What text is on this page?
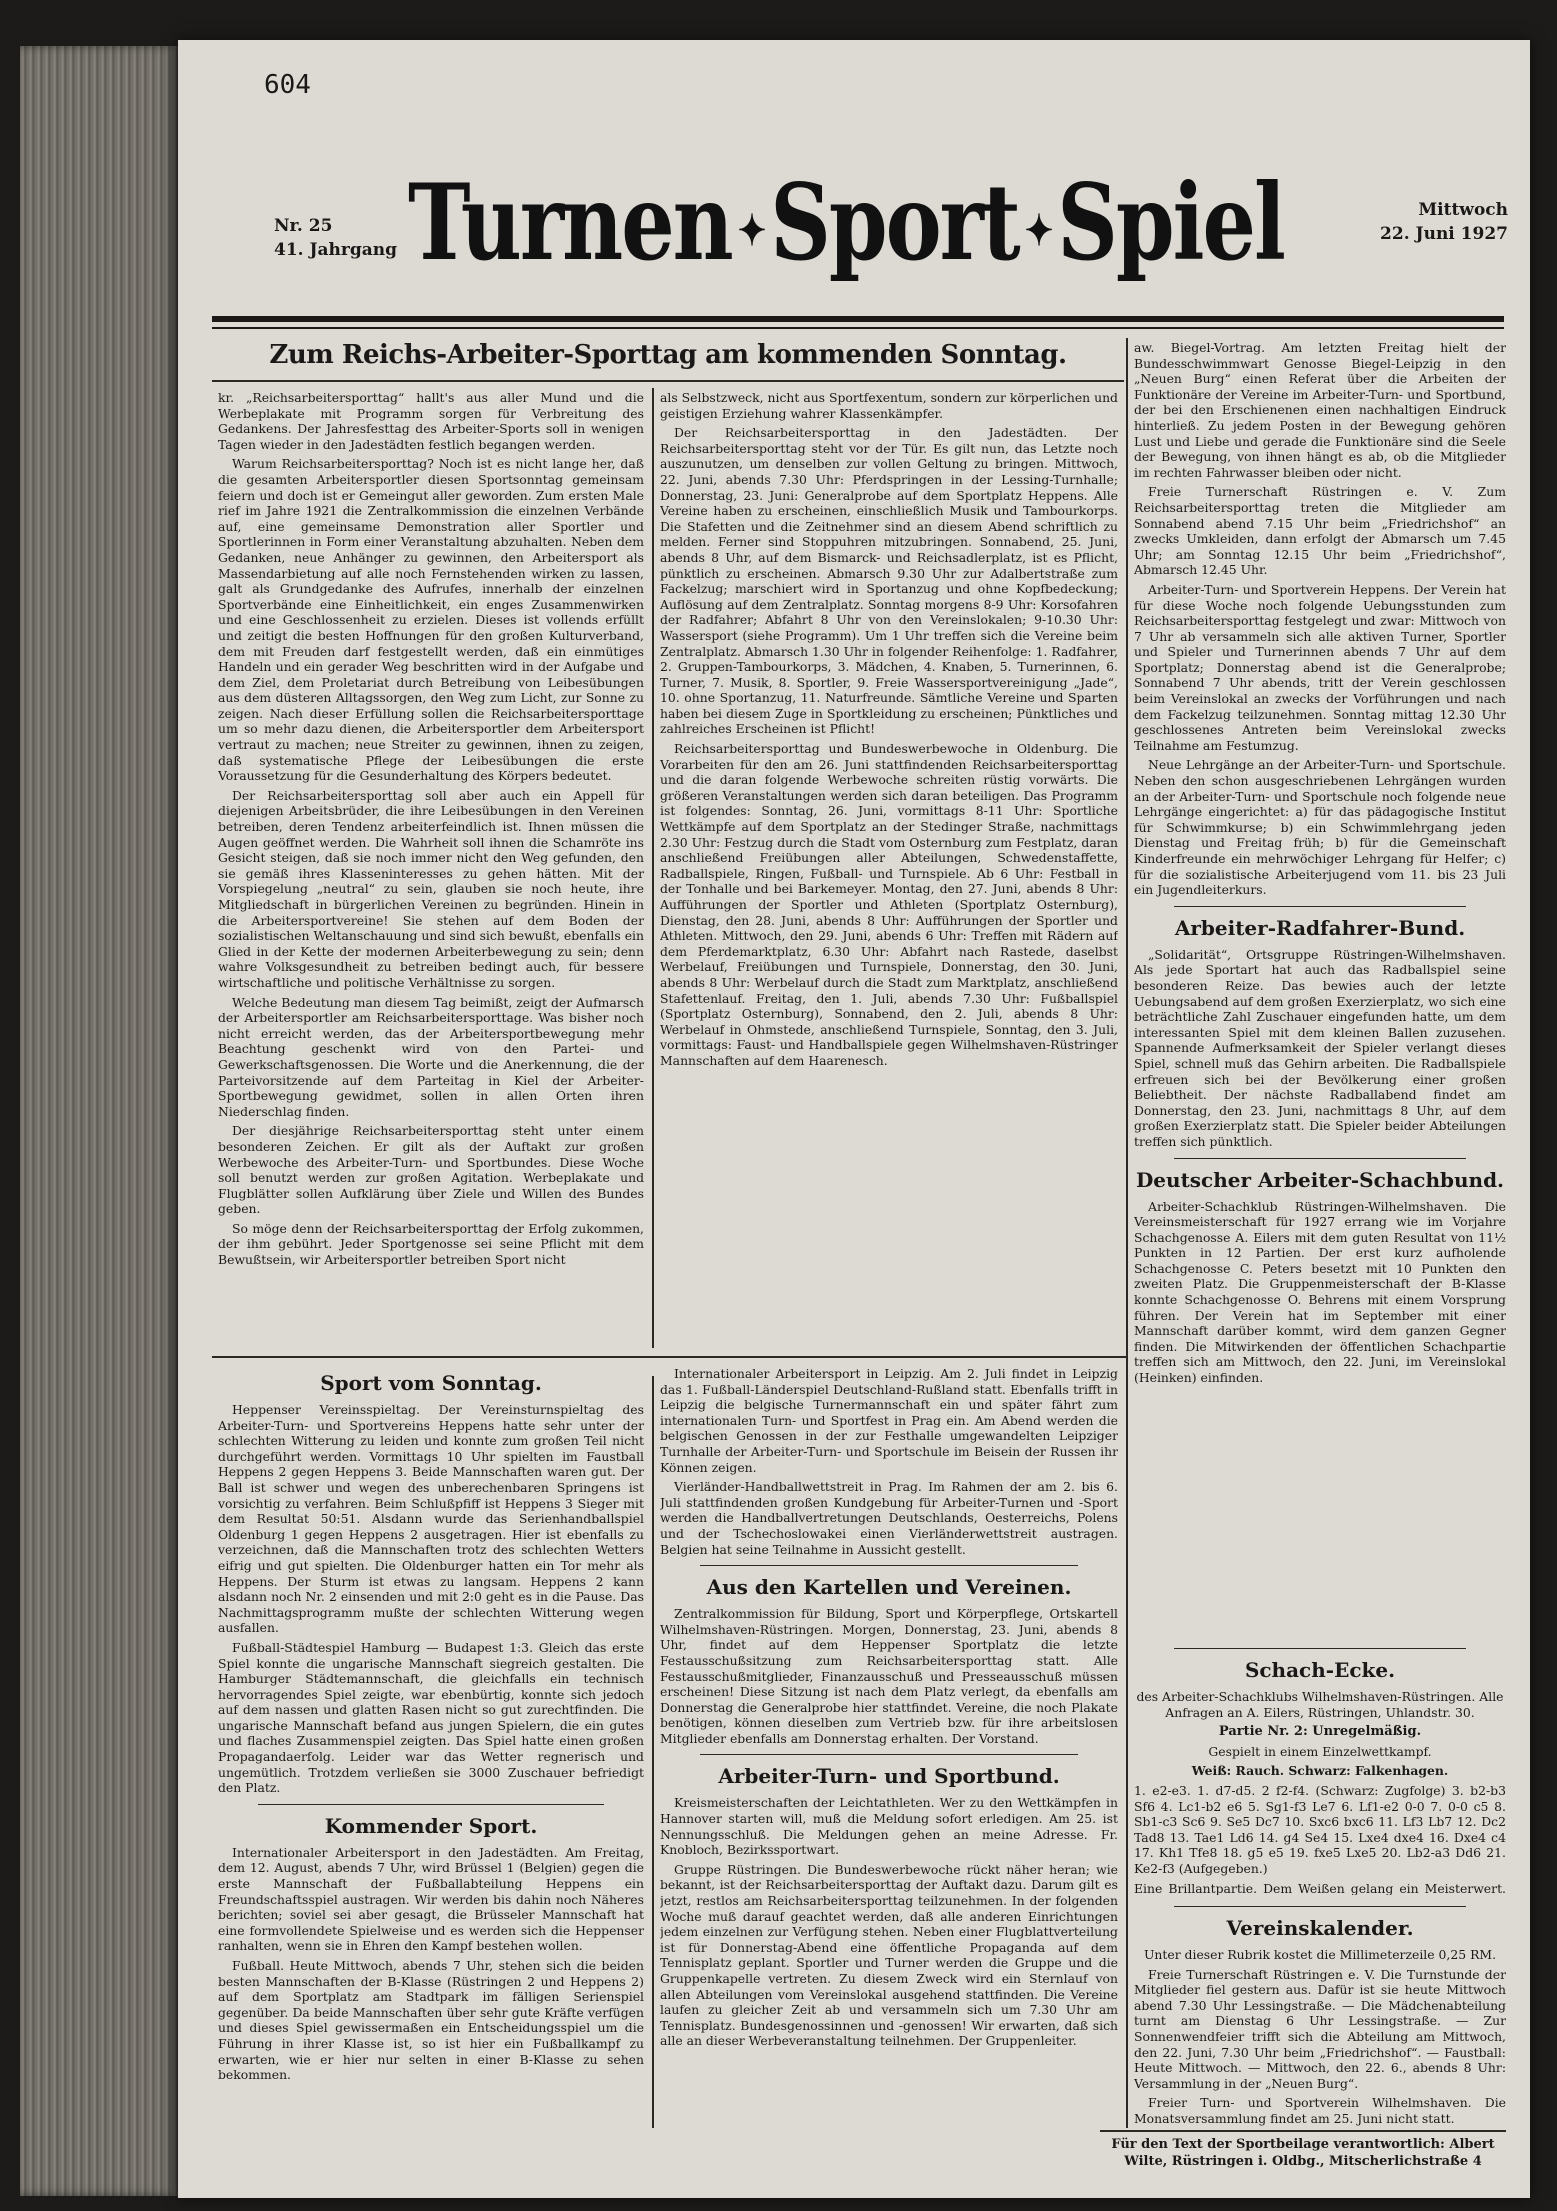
604
Nr. 25
41. Jahrgang Turnen ✦Sport ✦Spiel	Mittwoch
22. Juni 1927
Zum Reichs-Arbeiter-Sporttag am kommenden Sonntag.

kr. „Reichsarbeitersporttag“ hallt's aus aller Mund und die Werbeplakate mit Programm sorgen für Verbreitung des Gedankens. Der Jahresfesttag des Arbeiter-Sports soll in wenigen Tagen wieder in den Jadestädten festlich begangen werden.

Warum Reichsarbeitersporttag? Noch ist es nicht lange her, daß die gesamten Arbeitersportler diesen Sportsonntag gemeinsam feiern und doch ist er Gemeingut aller geworden. Zum ersten Male rief im Jahre 1921 die Zentralkommission die einzelnen Verbände auf, eine gemeinsame Demonstration aller Sportler und Sportlerinnen in Form einer Veranstaltung abzuhalten. Neben dem Gedanken, neue Anhänger zu gewinnen, den Arbeitersport als Massendarbietung auf alle noch Fernstehenden wirken zu lassen, galt als Grundgedanke des Aufrufes, innerhalb der einzelnen Sportverbände eine Einheitlichkeit, ein enges Zusammenwirken und eine Geschlossenheit zu erzielen. Dieses ist vollends erfüllt und zeitigt die besten Hoffnungen für den großen Kulturverband, dem mit Freuden darf festgestellt werden, daß ein einmütiges Handeln und ein gerader Weg beschritten wird in der Aufgabe und dem Ziel, dem Proletariat durch Betreibung von Leibesübungen aus dem düsteren Alltagssorgen, den Weg zum Licht, zur Sonne zu zeigen. Nach dieser Erfüllung sollen die Reichsarbeitersporttage um so mehr dazu dienen, die Arbeitersportler dem Arbeitersport vertraut zu machen; neue Streiter zu gewinnen, ihnen zu zeigen, daß systematische Pflege der Leibesübungen die erste Voraussetzung für die Gesunderhaltung des Körpers bedeutet.

Der Reichsarbeitersporttag soll aber auch ein Appell für diejenigen Arbeitsbrüder, die ihre Leibesübungen in den Vereinen betreiben, deren Tendenz arbeiterfeindlich ist. Ihnen müssen die Augen geöffnet werden. Die Wahrheit soll ihnen die Schamröte ins Gesicht steigen, daß sie noch immer nicht den Weg gefunden, den sie gemäß ihres Klasseninteresses zu gehen hätten. Mit der Vorspiegelung „neutral“ zu sein, glauben sie noch heute, ihre Mitgliedschaft in bürgerlichen Vereinen zu begründen. Hinein in die Arbeitersportvereine! Sie stehen auf dem Boden der sozialistischen Weltanschauung und sind sich bewußt, ebenfalls ein Glied in der Kette der modernen Arbeiterbewegung zu sein; denn wahre Volksgesundheit zu betreiben bedingt auch, für bessere wirtschaftliche und politische Verhältnisse zu sorgen.

Welche Bedeutung man diesem Tag beimißt, zeigt der Aufmarsch der Arbeitersportler am Reichsarbeitersporttage. Was bisher noch nicht erreicht werden, das der Arbeitersportbewegung mehr Beachtung geschenkt wird von den Partei- und Gewerkschaftsgenossen. Die Worte und die Anerkennung, die der Parteivorsitzende auf dem Parteitag in Kiel der Arbeiter-Sportbewegung gewidmet, sollen in allen Orten ihren Niederschlag finden.

Der diesjährige Reichsarbeitersporttag steht unter einem besonderen Zeichen. Er gilt als der Auftakt zur großen Werbewoche des Arbeiter-Turn- und Sportbundes. Diese Woche soll benutzt werden zur großen Agitation. Werbeplakate und Flugblätter sollen Aufklärung über Ziele und Willen des Bundes geben.

So möge denn der Reichsarbeitersporttag der Erfolg zukommen, der ihm gebührt. Jeder Sportgenosse sei seine Pflicht mit dem Bewußtsein, wir Arbeitersportler betreiben Sport nicht

als Selbstzweck, nicht aus Sportfexentum, sondern zur körperlichen und geistigen Erziehung wahrer Klassenkämpfer.

Der Reichsarbeitersporttag in den Jadestädten. Der Reichsarbeitersporttag steht vor der Tür. Es gilt nun, das Letzte noch auszunutzen, um denselben zur vollen Geltung zu bringen. Mittwoch, 22. Juni, abends 7.30 Uhr: Pferdspringen in der Lessing-Turnhalle; Donnerstag, 23. Juni: Generalprobe auf dem Sportplatz Heppens. Alle Vereine haben zu erscheinen, einschließlich Musik und Tambourkorps. Die Stafetten und die Zeitnehmer sind an diesem Abend schriftlich zu melden. Ferner sind Stoppuhren mitzubringen. Sonnabend, 25. Juni, abends 8 Uhr, auf dem Bismarck- und Reichsadlerplatz, ist es Pflicht, pünktlich zu erscheinen. Abmarsch 9.30 Uhr zur Adalbertstraße zum Fackelzug; marschiert wird in Sportanzug und ohne Kopfbedeckung; Auflösung auf dem Zentralplatz. Sonntag morgens 8-9 Uhr: Korsofahren der Radfahrer; Abfahrt 8 Uhr von den Vereinslokalen; 9-10.30 Uhr: Wassersport (siehe Programm). Um 1 Uhr treffen sich die Vereine beim Zentralplatz. Abmarsch 1.30 Uhr in folgender Reihenfolge: 1. Radfahrer, 2. Gruppen-Tambourkorps, 3. Mädchen, 4. Knaben, 5. Turnerinnen, 6. Turner, 7. Musik, 8. Sportler, 9. Freie Wassersportvereinigung „Jade“, 10. ohne Sportanzug, 11. Naturfreunde. Sämtliche Vereine und Sparten haben bei diesem Zuge in Sportkleidung zu erscheinen; Pünktliches und zahlreiches Erscheinen ist Pflicht!

Reichsarbeitersporttag und Bundeswerbewoche in Oldenburg. Die Vorarbeiten für den am 26. Juni stattfindenden Reichsarbeitersporttag und die daran folgende Werbewoche schreiten rüstig vorwärts. Die größeren Veranstaltungen werden sich daran beteiligen. Das Programm ist folgendes: Sonntag, 26. Juni, vormittags 8-11 Uhr: Sportliche Wettkämpfe auf dem Sportplatz an der Stedinger Straße, nachmittags 2.30 Uhr: Festzug durch die Stadt vom Osternburg zum Festplatz, daran anschließend Freiübungen aller Abteilungen, Schwedenstaffette, Radballspiele, Ringen, Fußball- und Turnspiele. Ab 6 Uhr: Festball in der Tonhalle und bei Barkemeyer. Montag, den 27. Juni, abends 8 Uhr: Aufführungen der Sportler und Athleten (Sportplatz Osternburg), Dienstag, den 28. Juni, abends 8 Uhr: Aufführungen der Sportler und Athleten. Mittwoch, den 29. Juni, abends 6 Uhr: Treffen mit Rädern auf dem Pferdemarktplatz, 6.30 Uhr: Abfahrt nach Rastede, daselbst Werbelauf, Freiübungen und Turnspiele, Donnerstag, den 30. Juni, abends 8 Uhr: Werbelauf durch die Stadt zum Marktplatz, anschließend Stafettenlauf. Freitag, den 1. Juli, abends 7.30 Uhr: Fußballspiel (Sportplatz Osternburg), Sonnabend, den 2. Juli, abends 8 Uhr: Werbelauf in Ohmstede, anschließend Turnspiele, Sonntag, den 3. Juli, vormittags: Faust- und Handballspiele gegen Wilhelmshaven-Rüstringer Mannschaften auf dem Haarenesch.

aw. Biegel-Vortrag. Am letzten Freitag hielt der Bundesschwimmwart Genosse Biegel-Leipzig in den „Neuen Burg“ einen Referat über die Arbeiten der Funktionäre der Vereine im Arbeiter-Turn- und Sportbund, der bei den Erschienenen einen nachhaltigen Eindruck hinterließ. Zu jedem Posten in der Bewegung gehören Lust und Liebe und gerade die Funktionäre sind die Seele der Bewegung, von ihnen hängt es ab, ob die Mitglieder im rechten Fahrwasser bleiben oder nicht.

Freie Turnerschaft Rüstringen e. V. Zum Reichsarbeitersporttag treten die Mitglieder am Sonnabend abend 7.15 Uhr beim „Friedrichshof“ an zwecks Umkleiden, dann erfolgt der Abmarsch um 7.45 Uhr; am Sonntag 12.15 Uhr beim „Friedrichshof“, Abmarsch 12.45 Uhr.

Arbeiter-Turn- und Sportverein Heppens. Der Verein hat für diese Woche noch folgende Uebungsstunden zum Reichsarbeitersporttag festgelegt und zwar: Mittwoch von 7 Uhr ab versammeln sich alle aktiven Turner, Sportler und Spieler und Turnerinnen abends 7 Uhr auf dem Sportplatz; Donnerstag abend ist die Generalprobe; Sonnabend 7 Uhr abends, tritt der Verein geschlossen beim Vereinslokal an zwecks der Vorführungen und nach dem Fackelzug teilzunehmen. Sonntag mittag 12.30 Uhr geschlossenes Antreten beim Vereinslokal zwecks Teilnahme am Festumzug.

Neue Lehrgänge an der Arbeiter-Turn- und Sportschule. Neben den schon ausgeschriebenen Lehrgängen wurden an der Arbeiter-Turn- und Sportschule noch folgende neue Lehrgänge eingerichtet: a) für das pädagogische Institut für Schwimmkurse; b) ein Schwimmlehrgang jeden Dienstag und Freitag früh; b) für die Gemeinschaft Kinderfreunde ein mehrwöchiger Lehrgang für Helfer; c) für die sozialistische Arbeiterjugend vom 11. bis 23 Juli ein Jugendleiterkurs.

Arbeiter-Radfahrer-Bund.

„Solidarität“, Ortsgruppe Rüstringen-Wilhelmshaven. Als jede Sportart hat auch das Radballspiel seine besonderen Reize. Das bewies auch der letzte Uebungsabend auf dem großen Exerzierplatz, wo sich eine beträchtliche Zahl Zuschauer eingefunden hatte, um dem interessanten Spiel mit dem kleinen Ballen zuzusehen. Spannende Aufmerksamkeit der Spieler verlangt dieses Spiel, schnell muß das Gehirn arbeiten. Die Radballspiele erfreuen sich bei der Bevölkerung einer großen Beliebtheit. Der nächste Radballabend findet am Donnerstag, den 23. Juni, nachmittags 8 Uhr, auf dem großen Exerzierplatz statt. Die Spieler beider Abteilungen treffen sich pünktlich.

Deutscher Arbeiter-Schachbund.

Arbeiter-Schachklub Rüstringen-Wilhelmshaven. Die Vereinsmeisterschaft für 1927 errang wie im Vorjahre Schachgenosse A. Eilers mit dem guten Resultat von 11½ Punkten in 12 Partien. Der erst kurz aufholende Schachgenosse C. Peters besetzt mit 10 Punkten den zweiten Platz. Die Gruppenmeisterschaft der B-Klasse konnte Schachgenosse O. Behrens mit einem Vorsprung führen. Der Verein hat im September mit einer Mannschaft darüber kommt, wird dem ganzen Gegner finden. Die Mitwirkenden der öffentlichen Schachpartie treffen sich am Mittwoch, den 22. Juni, im Vereinslokal (Heinken) einfinden.

Schach-Ecke.

des Arbeiter-Schachklubs Wilhelmshaven-Rüstringen. Alle Anfragen an A. Eilers, Rüstringen, Uhlandstr. 30.

Partie Nr. 2: Unregelmäßig.

Gespielt in einem Einzelwettkampf.

Weiß: Rauch. Schwarz: Falkenhagen.

1. e2-e3. 1. d7-d5. 2 f2-f4. (Schwarz: Zugfolge) 3. b2-b3 Sf6 4. Lc1-b2 e6 5. Sg1-f3 Le7 6. Lf1-e2 0-0 7. 0-0 c5 8. Sb1-c3 Sc6 9. Se5 Dc7 10. Sxc6 bxc6 11. Lf3 Lb7 12. Dc2 Tad8 13. Tae1 Ld6 14. g4 Se4 15. Lxe4 dxe4 16. Dxe4 c4 17. Kh1 Tfe8 18. g5 e5 19. fxe5 Lxe5 20. Lb2-a3 Dd6 21. Ke2-f3 (Aufgegeben.)

Eine Brillantpartie. Dem Weißen gelang ein Meisterwert.

Vereinskalender.

Unter dieser Rubrik kostet die Millimeterzeile 0,25 RM.

Freie Turnerschaft Rüstringen e. V. Die Turnstunde der Mitglieder fiel gestern aus. Dafür ist sie heute Mittwoch abend 7.30 Uhr Lessingstraße. — Die Mädchenabteilung turnt am Dienstag 6 Uhr Lessingstraße. — Zur Sonnenwendfeier trifft sich die Abteilung am Mittwoch, den 22. Juni, 7.30 Uhr beim „Friedrichshof“. — Faustball: Heute Mittwoch. — Mittwoch, den 22. 6., abends 8 Uhr: Versammlung in der „Neuen Burg“.

Freier Turn- und Sportverein Wilhelmshaven. Die Monatsversammlung findet am 25. Juni nicht statt.

Sport vom Sonntag.

Heppenser Vereinsspieltag. Der Vereinsturnspieltag des Arbeiter-Turn- und Sportvereins Heppens hatte sehr unter der schlechten Witterung zu leiden und konnte zum großen Teil nicht durchgeführt werden. Vormittags 10 Uhr spielten im Faustball Heppens 2 gegen Heppens 3. Beide Mannschaften waren gut. Der Ball ist schwer und wegen des unberechenbaren Springens ist vorsichtig zu verfahren. Beim Schlußpfiff ist Heppens 3 Sieger mit dem Resultat 50:51. Alsdann wurde das Serienhandballspiel Oldenburg 1 gegen Heppens 2 ausgetragen. Hier ist ebenfalls zu verzeichnen, daß die Mannschaften trotz des schlechten Wetters eifrig und gut spielten. Die Oldenburger hatten ein Tor mehr als Heppens. Der Sturm ist etwas zu langsam. Heppens 2 kann alsdann noch Nr. 2 einsenden und mit 2:0 geht es in die Pause. Das Nachmittagsprogramm mußte der schlechten Witterung wegen ausfallen.

Fußball-Städtespiel Hamburg — Budapest 1:3. Gleich das erste Spiel konnte die ungarische Mannschaft siegreich gestalten. Die Hamburger Städtemannschaft, die gleichfalls ein technisch hervorragendes Spiel zeigte, war ebenbürtig, konnte sich jedoch auf dem nassen und glatten Rasen nicht so gut zurechtfinden. Die ungarische Mannschaft befand aus jungen Spielern, die ein gutes und flaches Zusammenspiel zeigten. Das Spiel hatte einen großen Propagandaerfolg. Leider war das Wetter regnerisch und ungemütlich. Trotzdem verließen sie 3000 Zuschauer befriedigt den Platz.

Kommender Sport.

Internationaler Arbeitersport in den Jadestädten. Am Freitag, dem 12. August, abends 7 Uhr, wird Brüssel 1 (Belgien) gegen die erste Mannschaft der Fußballabteilung Heppens ein Freundschaftsspiel austragen. Wir werden bis dahin noch Näheres berichten; soviel sei aber gesagt, die Brüsseler Mannschaft hat eine formvollendete Spielweise und es werden sich die Heppenser ranhalten, wenn sie in Ehren den Kampf bestehen wollen.

Fußball. Heute Mittwoch, abends 7 Uhr, stehen sich die beiden besten Mannschaften der B-Klasse (Rüstringen 2 und Heppens 2) auf dem Sportplatz am Stadtpark im fälligen Serienspiel gegenüber. Da beide Mannschaften über sehr gute Kräfte verfügen und dieses Spiel gewissermaßen ein Entscheidungsspiel um die Führung in ihrer Klasse ist, so ist hier ein Fußballkampf zu erwarten, wie er hier nur selten in einer B-Klasse zu sehen bekommen.

Internationaler Arbeitersport in Leipzig. Am 2. Juli findet in Leipzig das 1. Fußball-Länderspiel Deutschland-Rußland statt. Ebenfalls trifft in Leipzig die belgische Turnermannschaft ein und später fährt zum internationalen Turn- und Sportfest in Prag ein. Am Abend werden die belgischen Genossen in der zur Festhalle umgewandelten Leipziger Turnhalle der Arbeiter-Turn- und Sportschule im Beisein der Russen ihr Können zeigen.

Vierländer-Handballwettstreit in Prag. Im Rahmen der am 2. bis 6. Juli stattfindenden großen Kundgebung für Arbeiter-Turnen und -Sport werden die Handballvertretungen Deutschlands, Oesterreichs, Polens und der Tschechoslowakei einen Vierländerwettstreit austragen. Belgien hat seine Teilnahme in Aussicht gestellt.

Aus den Kartellen und Vereinen.

Zentralkommission für Bildung, Sport und Körperpflege, Ortskartell Wilhelmshaven-Rüstringen. Morgen, Donnerstag, 23. Juni, abends 8 Uhr, findet auf dem Heppenser Sportplatz die letzte Festausschußsitzung zum Reichsarbeitersporttag statt. Alle Festausschußmitglieder, Finanzausschuß und Presseausschuß müssen erscheinen! Diese Sitzung ist nach dem Platz verlegt, da ebenfalls am Donnerstag die Generalprobe hier stattfindet. Vereine, die noch Plakate benötigen, können dieselben zum Vertrieb bzw. für ihre arbeitslosen Mitglieder ebenfalls am Donnerstag erhalten. Der Vorstand.

Arbeiter-Turn- und Sportbund.

Kreismeisterschaften der Leichtathleten. Wer zu den Wettkämpfen in Hannover starten will, muß die Meldung sofort erledigen. Am 25. ist Nennungsschluß. Die Meldungen gehen an meine Adresse. Fr. Knobloch, Bezirkssportwart.

Gruppe Rüstringen. Die Bundeswerbewoche rückt näher heran; wie bekannt, ist der Reichsarbeitersporttag der Auftakt dazu. Darum gilt es jetzt, restlos am Reichsarbeitersporttag teilzunehmen. In der folgenden Woche muß darauf geachtet werden, daß alle anderen Einrichtungen jedem einzelnen zur Verfügung stehen. Neben einer Flugblattverteilung ist für Donnerstag-Abend eine öffentliche Propaganda auf dem Tennisplatz geplant. Sportler und Turner werden die Gruppe und die Gruppenkapelle vertreten. Zu diesem Zweck wird ein Sternlauf von allen Abteilungen vom Vereinslokal ausgehend stattfinden. Die Vereine laufen zu gleicher Zeit ab und versammeln sich um 7.30 Uhr am Tennisplatz. Bundesgenossinnen und -genossen! Wir erwarten, daß sich alle an dieser Werbeveranstaltung teilnehmen. Der Gruppenleiter.

Für den Text der Sportbeilage verantwortlich: Albert Wilte, Rüstringen i. Oldbg., Mitscherlichstraße 4
